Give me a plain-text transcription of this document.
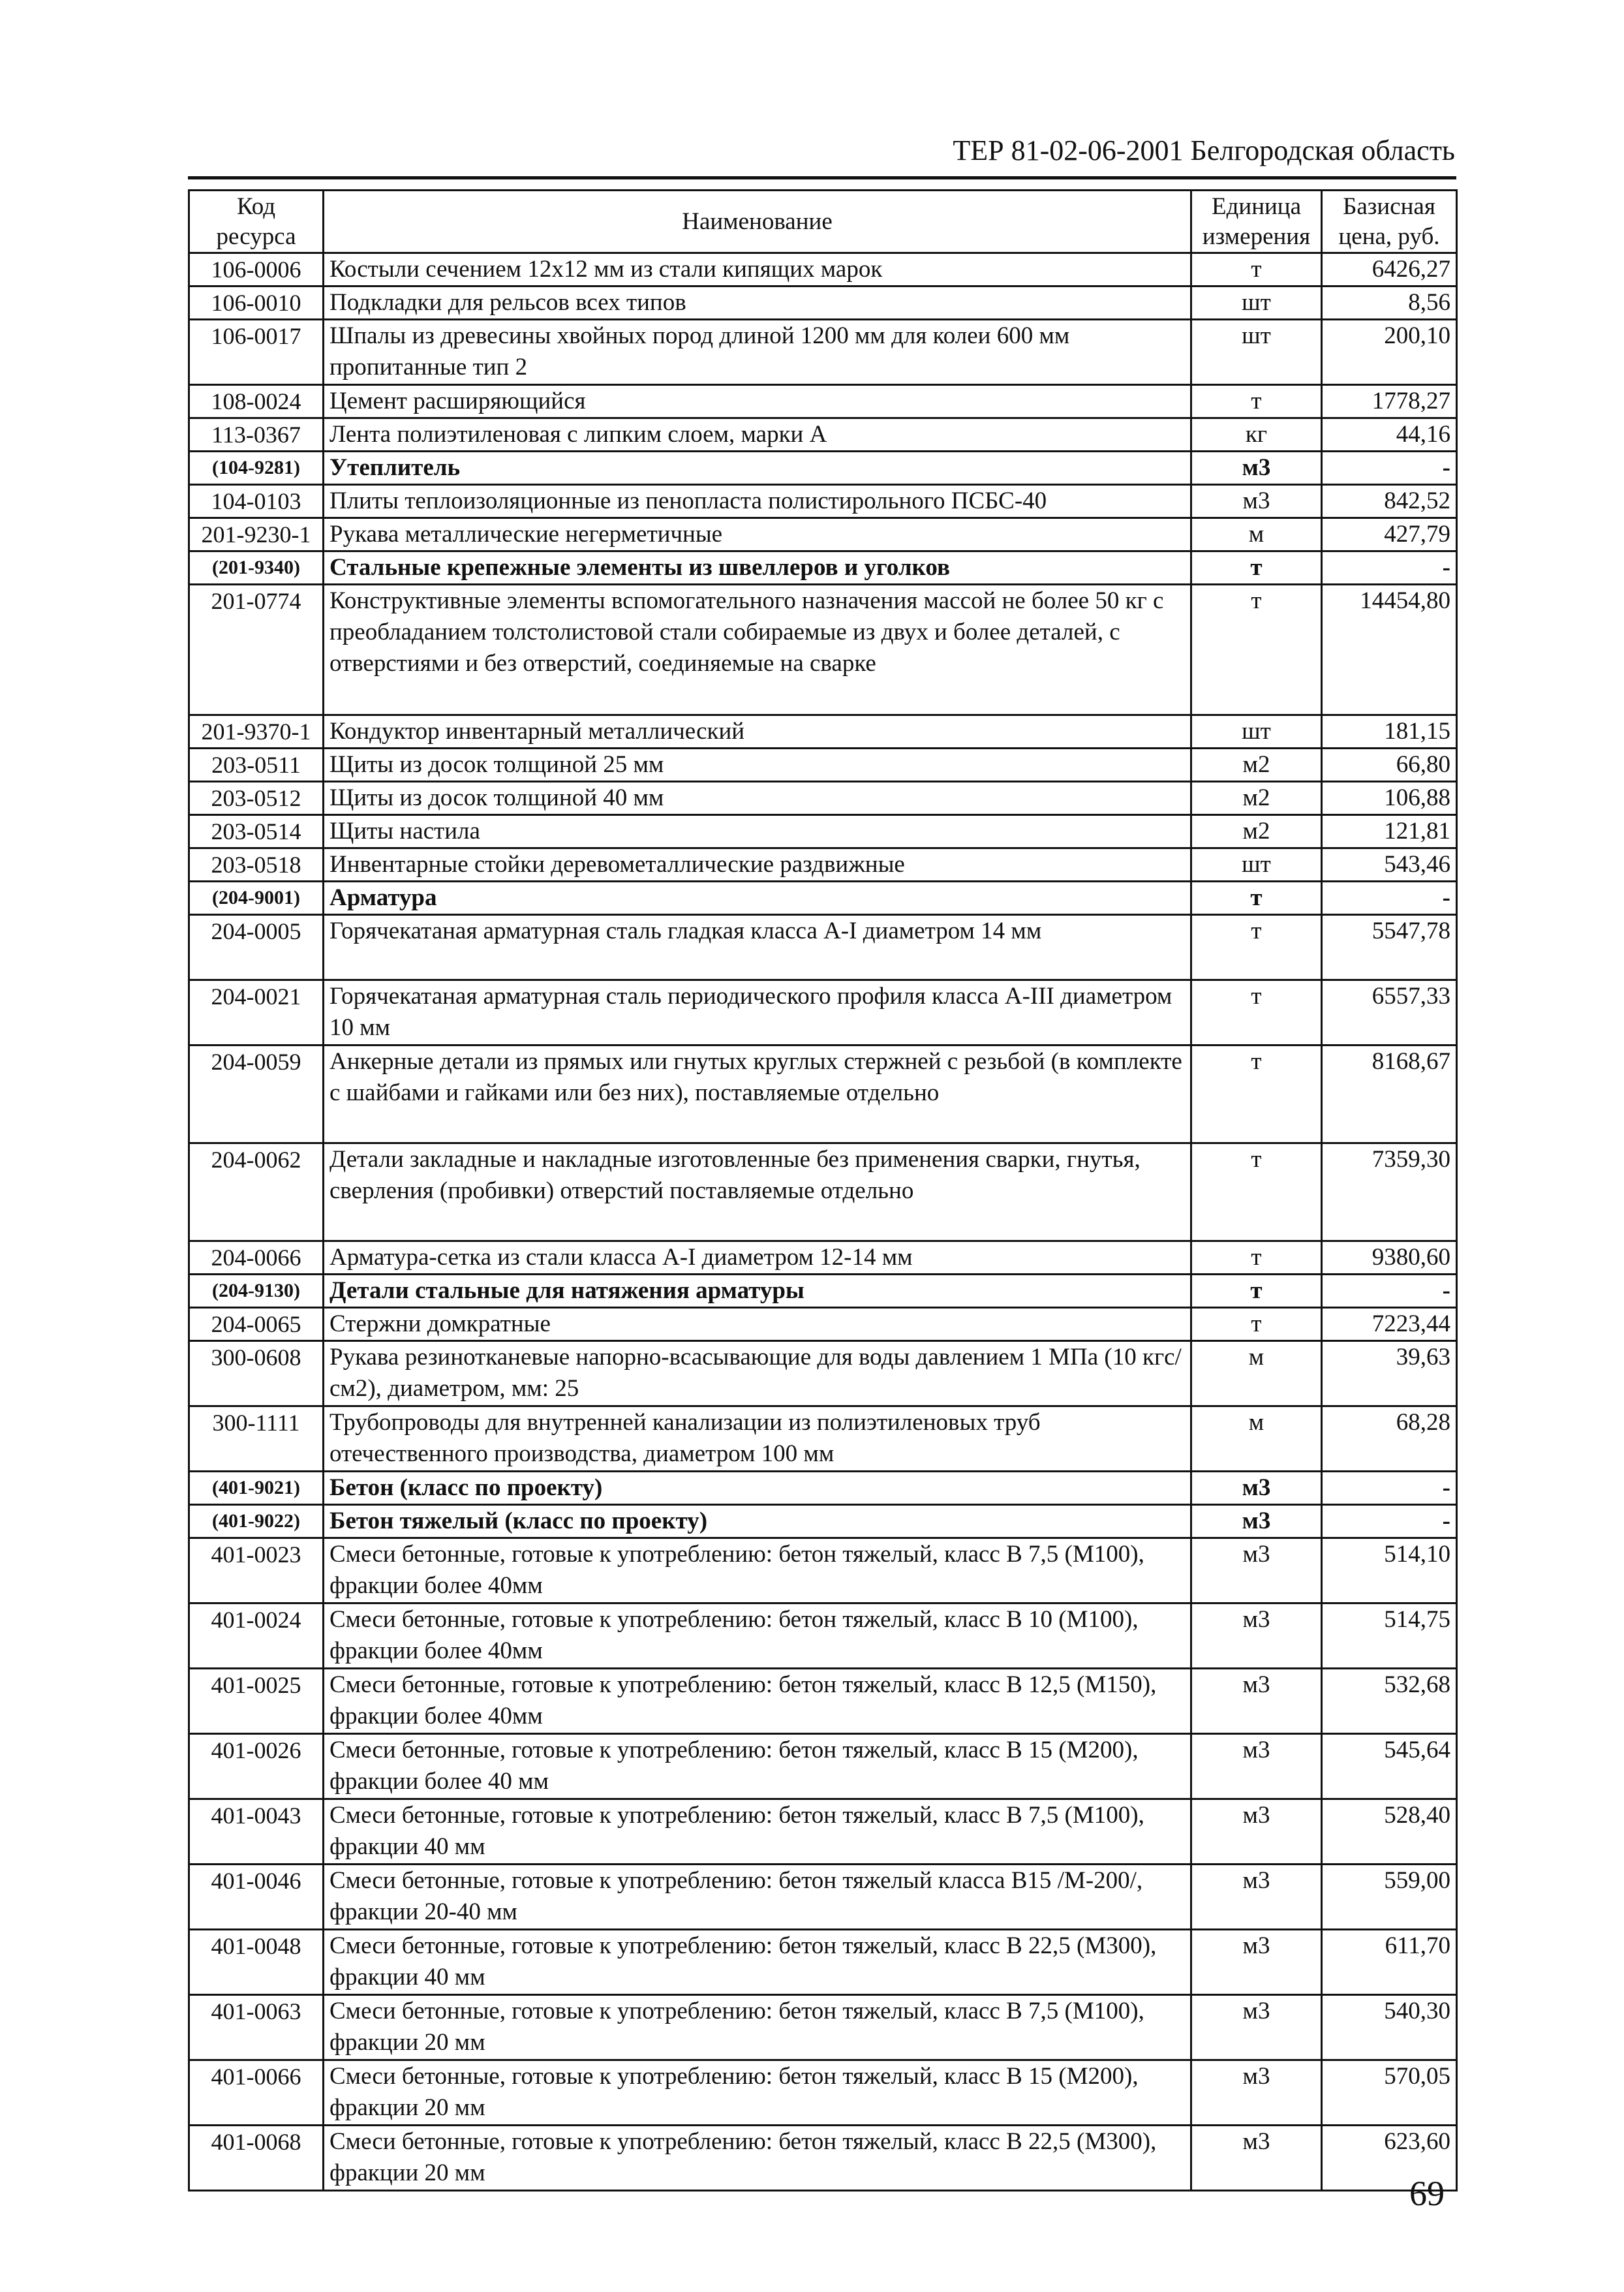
ТЕР 81-02-06-2001 Белгородская область
Код ресурса	Наименование	Единица измерения	Базисная цена, руб.
106-0006	Костыли сечением 12х12 мм из стали кипящих марок	т	6426,27
106-0010	Подкладки для рельсов всех типов	шт	8,56
106-0017	Шпалы из древесины хвойных пород длиной 1200 мм для колеи 600 мм пропитанные тип 2	шт	200,10
108-0024	Цемент расширяющийся	т	1778,27
113-0367	Лента полиэтиленовая с липким слоем, марки А	кг	44,16
(104-9281)	Утеплитель	м3	-
104-0103	Плиты теплоизоляционные из пенопласта полистирольного ПСБС-40	м3	842,52
201-9230-1	Рукава металлические негерметичные	м	427,79
(201-9340)	Стальные крепежные элементы из швеллеров и уголков	т	-
201-0774	Конструктивные элементы вспомогательного назначения массой не более 50 кг с преобладанием толстолистовой стали собираемые из двух и более деталей, с отверстиями и без отверстий, соединяемые на сварке	т	14454,80
201-9370-1	Кондуктор инвентарный металлический	шт	181,15
203-0511	Щиты из досок толщиной 25 мм	м2	66,80
203-0512	Щиты из досок толщиной 40 мм	м2	106,88
203-0514	Щиты настила	м2	121,81
203-0518	Инвентарные стойки деревометаллические раздвижные	шт	543,46
(204-9001)	Арматура	т	-
204-0005	Горячекатаная арматурная сталь гладкая класса А-I диаметром 14 мм	т	5547,78
204-0021	Горячекатаная арматурная сталь периодического профиля класса А-III диаметром 10 мм	т	6557,33
204-0059	Анкерные детали из прямых или гнутых круглых стержней с резьбой (в комплекте с шайбами и гайками или без них), поставляемые отдельно	т	8168,67
204-0062	Детали закладные и накладные изготовленные без применения сварки, гнутья, сверления (пробивки) отверстий поставляемые отдельно	т	7359,30
204-0066	Арматура-сетка из стали класса А-I диаметром 12-14 мм	т	9380,60
(204-9130)	Детали стальные для натяжения арматуры	т	-
204-0065	Стержни домкратные	т	7223,44
300-0608	Рукава резинотканевые напорно-всасывающие для воды давлением 1 МПа (10 кгс/см2), диаметром, мм: 25	м	39,63
300-1111	Трубопроводы для внутренней канализации из полиэтиленовых труб отечественного производства, диаметром 100 мм	м	68,28
(401-9021)	Бетон (класс по проекту)	м3	-
(401-9022)	Бетон тяжелый (класс по проекту)	м3	-
401-0023	Смеси бетонные, готовые к употреблению: бетон тяжелый, класс В 7,5 (М100), фракции более 40мм	м3	514,10
401-0024	Смеси бетонные, готовые к употреблению: бетон тяжелый, класс В 10 (М100), фракции более 40мм	м3	514,75
401-0025	Смеси бетонные, готовые к употреблению: бетон тяжелый, класс В 12,5 (М150), фракции более 40мм	м3	532,68
401-0026	Смеси бетонные, готовые к употреблению: бетон тяжелый, класс В 15 (М200), фракции более 40 мм	м3	545,64
401-0043	Смеси бетонные, готовые к употреблению: бетон тяжелый, класс В 7,5 (М100), фракции 40 мм	м3	528,40
401-0046	Смеси бетонные, готовые к употреблению: бетон тяжелый класса В15 /М-200/, фракции 20-40 мм	м3	559,00
401-0048	Смеси бетонные, готовые к употреблению: бетон тяжелый, класс В 22,5 (М300), фракции 40 мм	м3	611,70
401-0063	Смеси бетонные, готовые к употреблению: бетон тяжелый, класс В 7,5 (М100), фракции 20 мм	м3	540,30
401-0066	Смеси бетонные, готовые к употреблению: бетон тяжелый, класс В 15 (М200), фракции 20 мм	м3	570,05
401-0068	Смеси бетонные, готовые к употреблению: бетон тяжелый, класс В 22,5 (М300), фракции 20 мм	м3	623,60
69
